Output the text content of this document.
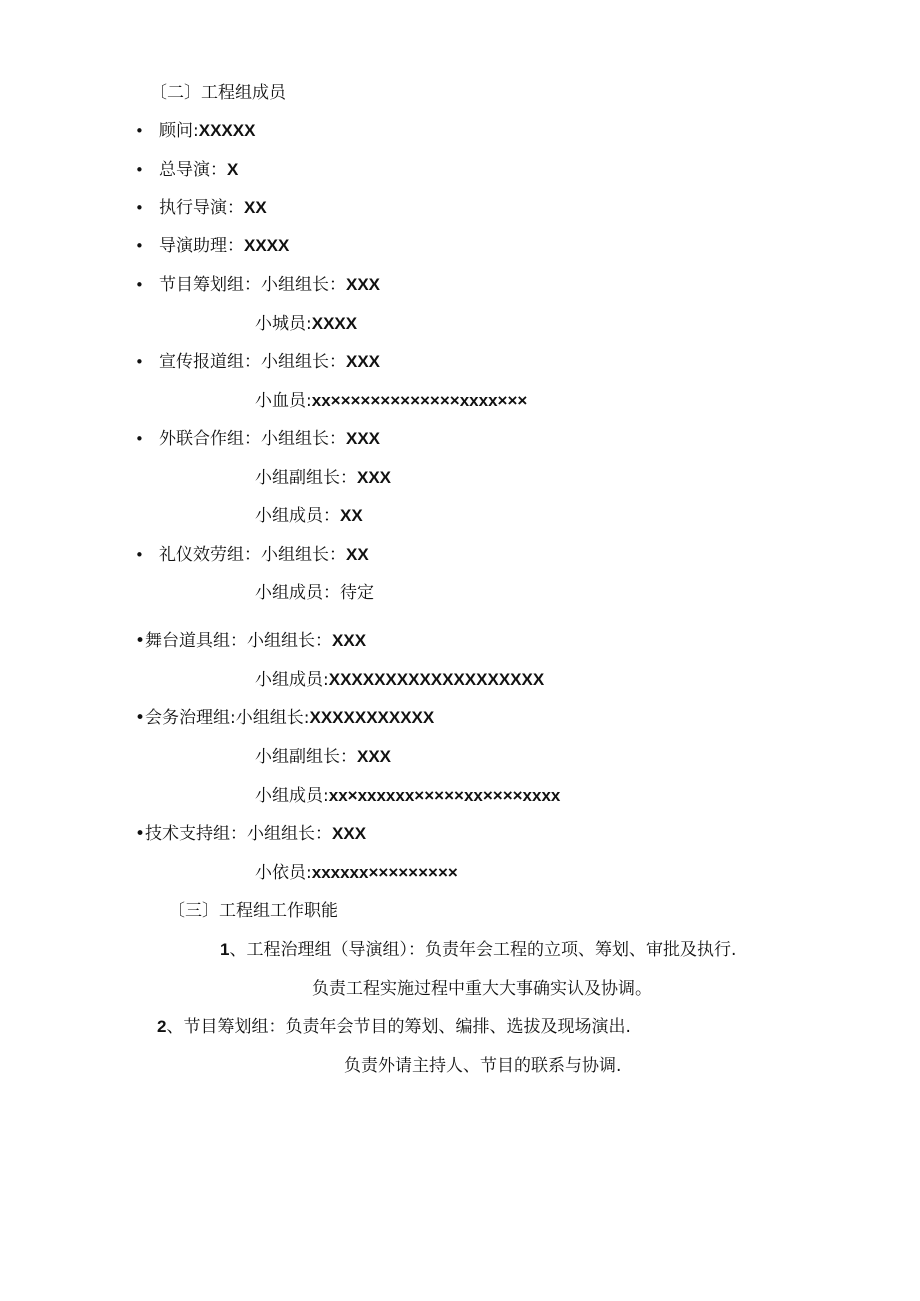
〔二〕工程组成员
• 顾问:XXXXX
• 总导演：X
• 执行导演：XX
• 导演助理：XXXX
• 节目筹划组：小组组长：XXX
小城员:XXXX
• 宣传报道组：小组组长：XXX
小血员:xx×××××××××××××xxxx×××
• 外联合作组：小组组长：XXX
小组副组长：XXX
小组成员：XX
• 礼仪效劳组：小组组长：XX
小组成员：待定
•舞台道具组：小组组长：XXX
小组成员:XXXXXXXXXXXXXXXXXXX
•会务治理组:小组组长:XXXXXXXXXXX
小组副组长：XXX
小组成员:xx×xxxxxx×××××xx××××xxxx
•技术支持组：小组组长：XXX
小依员:xxxxxx×××××××××
〔三〕工程组工作职能
1、工程治理组（导演组）：负责年会工程的立项、筹划、审批及执行.
负责工程实施过程中重大大事确实认及协调。
2、节目筹划组：负责年会节目的筹划、编排、选拔及现场演出.
负责外请主持人、节目的联系与协调.
